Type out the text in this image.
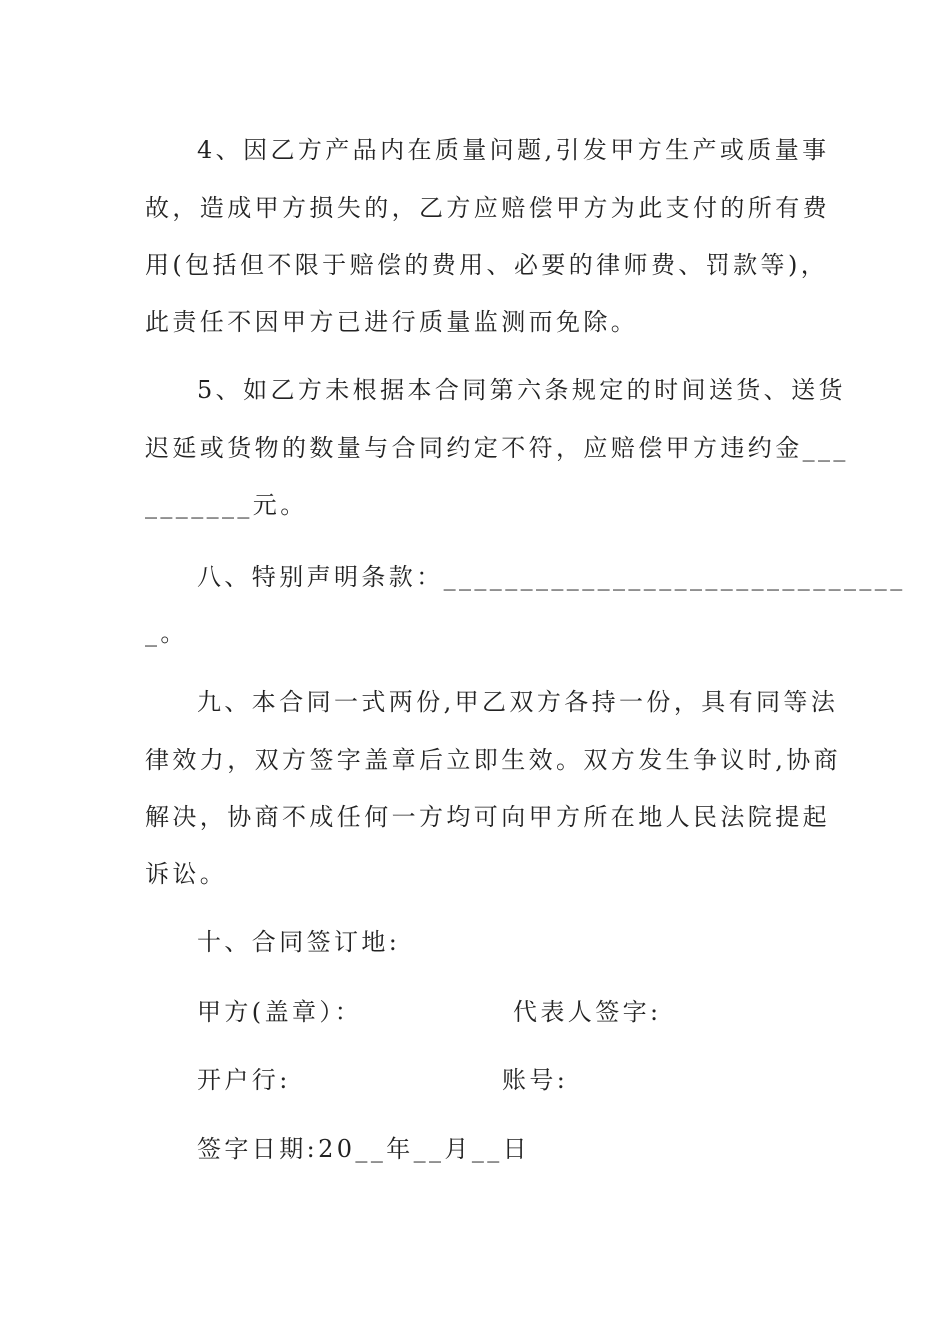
4、因乙方产品内在质量问题,引发甲方生产或质量事
故，造成甲方损失的，乙方应赔偿甲方为此支付的所有费
用(包括但不限于赔偿的费用、必要的律师费、罚款等)，
此责任不因甲方已进行质量监测而免除。
5、如乙方未根据本合同第六条规定的时间送货、送货
迟延或货物的数量与合同约定不符，应赔偿甲方违约金___
_______元。
八、特别声明条款：______________________________
_。
九、本合同一式两份,甲乙双方各持一份，具有同等法
律效力，双方签字盖章后立即生效。双方发生争议时,协商
解决，协商不成任何一方均可向甲方所在地人民法院提起
诉讼。
十、合同签订地:
甲方(盖章）：	代表人签字:
开户行:	账号:
签字日期:20__年__月__日
